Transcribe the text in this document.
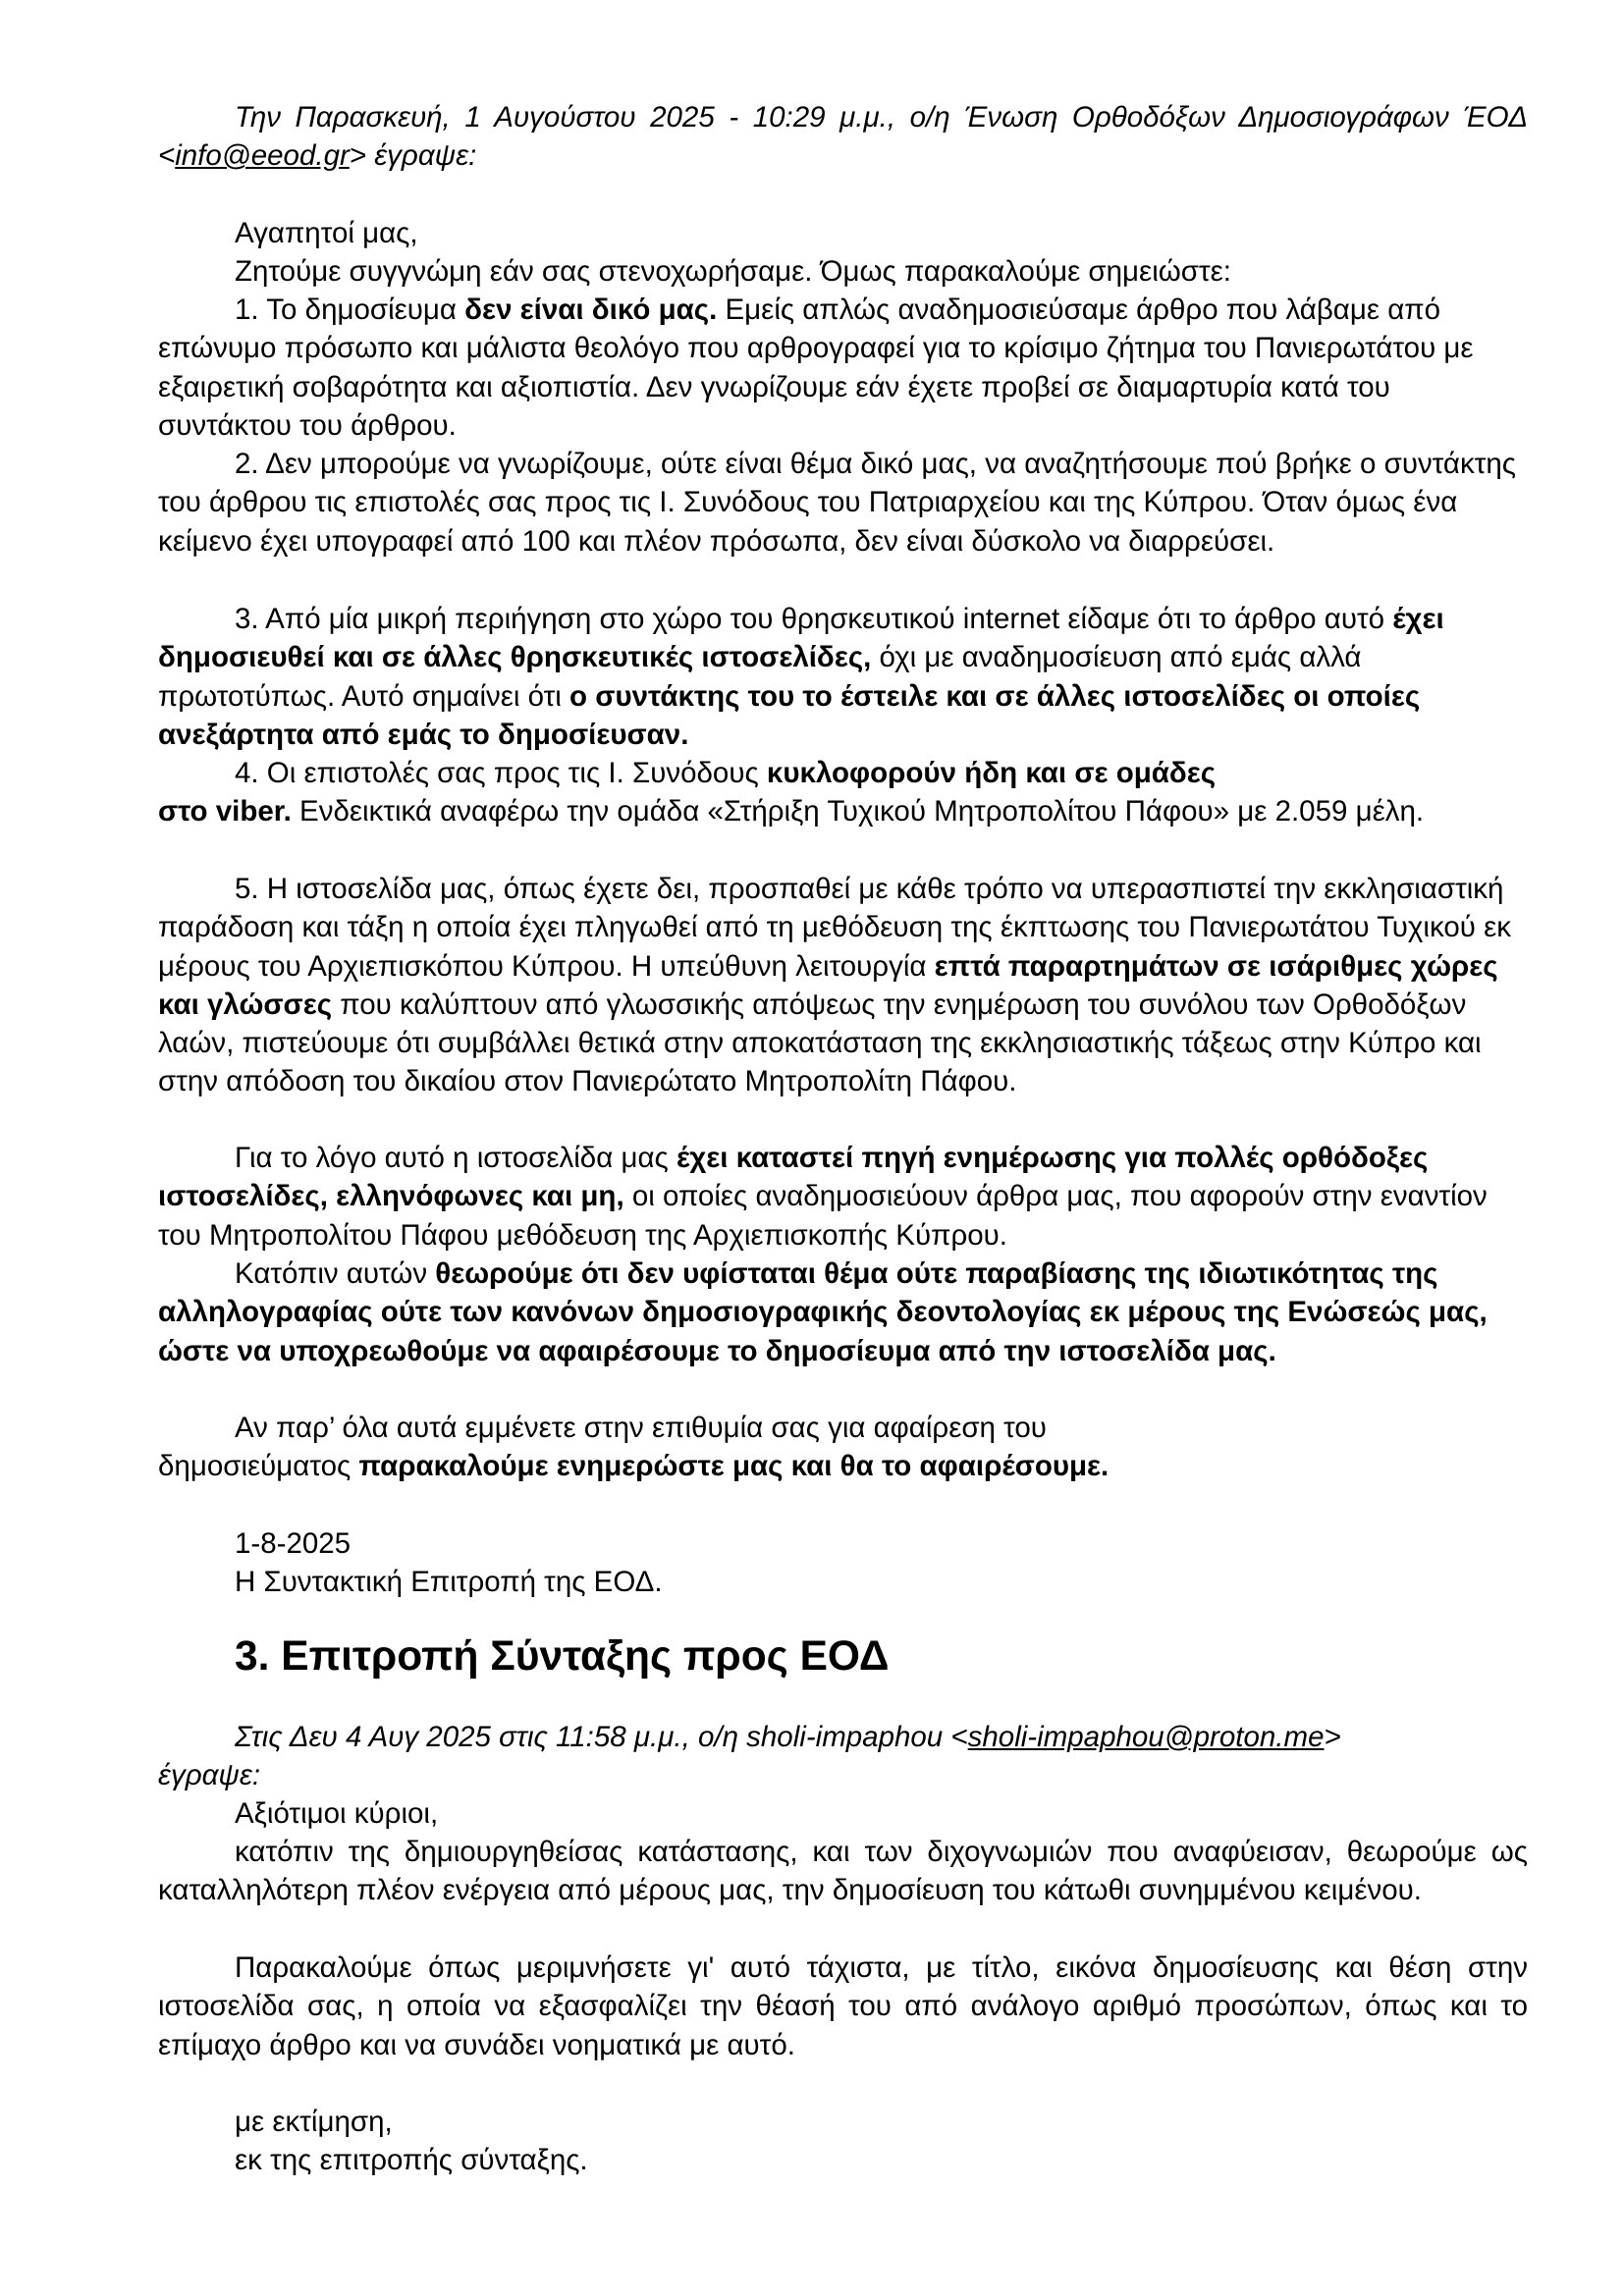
Την Παρασκευή, 1 Αυγούστου 2025 - 10:29 μ.μ., ο/η Ένωση Ορθοδόξων Δημοσιογράφων ΈΟΔ <info@eeod.gr> έγραψε:

Αγαπητοί μας,

Ζητούμε συγγνώμη εάν σας στενοχωρήσαμε. Όμως παρακαλούμε σημειώστε:

1. Το δημοσίευμα δεν είναι δικό μας. Εμείς απλώς αναδημοσιεύσαμε άρθρο που λάβαμε από επώνυμο πρόσωπο και μάλιστα θεολόγο που αρθρογραφεί για το κρίσιμο ζήτημα του Πανιερωτάτου με εξαιρετική σοβαρότητα και αξιοπιστία. Δεν γνωρίζουμε εάν έχετε προβεί σε διαμαρτυρία κατά του συντάκτου του άρθρου.

2. Δεν μπορούμε να γνωρίζουμε, ούτε είναι θέμα δικό μας, να αναζητήσουμε πού βρήκε ο συντάκτης του άρθρου τις επιστολές σας προς τις Ι. Συνόδους του Πατριαρχείου και της Κύπρου. Όταν όμως ένα κείμενο έχει υπογραφεί από 100 και πλέον πρόσωπα, δεν είναι δύσκολο να διαρρεύσει.

3. Από μία μικρή περιήγηση στο χώρο του θρησκευτικού internet είδαμε ότι το άρθρο αυτό έχει δημοσιευθεί και σε άλλες θρησκευτικές ιστοσελίδες, όχι με αναδημοσίευση από εμάς αλλά πρωτοτύπως. Αυτό σημαίνει ότι ο συντάκτης του το έστειλε και σε άλλες ιστοσελίδες οι οποίες ανεξάρτητα από εμάς το δημοσίευσαν.

4. Οι επιστολές σας προς τις Ι. Συνόδους κυκλοφορούν ήδη και σε ομάδες
στο viber. Ενδεικτικά αναφέρω την ομάδα «Στήριξη Τυχικού Μητροπολίτου Πάφου» με 2.059 μέλη.

5. Η ιστοσελίδα μας, όπως έχετε δει, προσπαθεί με κάθε τρόπο να υπερασπιστεί την εκκλησιαστική παράδοση και τάξη η οποία έχει πληγωθεί από τη μεθόδευση της έκπτωσης του Πανιερωτάτου Τυχικού εκ μέρους του Αρχιεπισκόπου Κύπρου. Η υπεύθυνη λειτουργία επτά παραρτημάτων σε ισάριθμες χώρες και γλώσσες που καλύπτουν από γλωσσικής απόψεως την ενημέρωση του συνόλου των Ορθοδόξων λαών, πιστεύουμε ότι συμβάλλει θετικά στην αποκατάσταση της εκκλησιαστικής τάξεως στην Κύπρο και στην απόδοση του δικαίου στον Πανιερώτατο Μητροπολίτη Πάφου.

Για το λόγο αυτό η ιστοσελίδα μας έχει καταστεί πηγή ενημέρωσης για πολλές ορθόδοξες ιστοσελίδες, ελληνόφωνες και μη, οι οποίες αναδημοσιεύουν άρθρα μας, που αφορούν στην εναντίον του Μητροπολίτου Πάφου μεθόδευση της Αρχιεπισκοπής Κύπρου.

Κατόπιν αυτών θεωρούμε ότι δεν υφίσταται θέμα ούτε παραβίασης της ιδιωτικότητας της αλληλογραφίας ούτε των κανόνων δημοσιογραφικής δεοντολογίας εκ μέρους της Ενώσεώς μας, ώστε να υποχρεωθούμε να αφαιρέσουμε το δημοσίευμα από την ιστοσελίδα μας.

Αν παρ’ όλα αυτά εμμένετε στην επιθυμία σας για αφαίρεση του
δημοσιεύματος παρακαλούμε ενημερώστε μας και θα το αφαιρέσουμε.

1-8-2025

Η Συντακτική Επιτροπή της ΕΟΔ.

3. Επιτροπή Σύνταξης προς ΕΟΔ

Στις Δευ 4 Αυγ 2025 στις 11:58 μ.μ., ο/η sholi-impaphou <sholi-impaphou@proton.me>

έγραψε:

Αξιότιμοι κύριοι,

κατόπιν της δημιουργηθείσας κατάστασης, και των διχογνωμιών που αναφύεισαν, θεωρούμε ως καταλληλότερη πλέον ενέργεια από μέρους μας, την δημοσίευση του κάτωθι συνημμένου κειμένου.

Παρακαλούμε όπως μεριμνήσετε γι' αυτό τάχιστα, με τίτλο, εικόνα δημοσίευσης και θέση στην ιστοσελίδα σας, η οποία να εξασφαλίζει την θέασή του από ανάλογο αριθμό προσώπων, όπως και το επίμαχο άρθρο και να συνάδει νοηματικά με αυτό.

με εκτίμηση,

εκ της επιτροπής σύνταξης.
